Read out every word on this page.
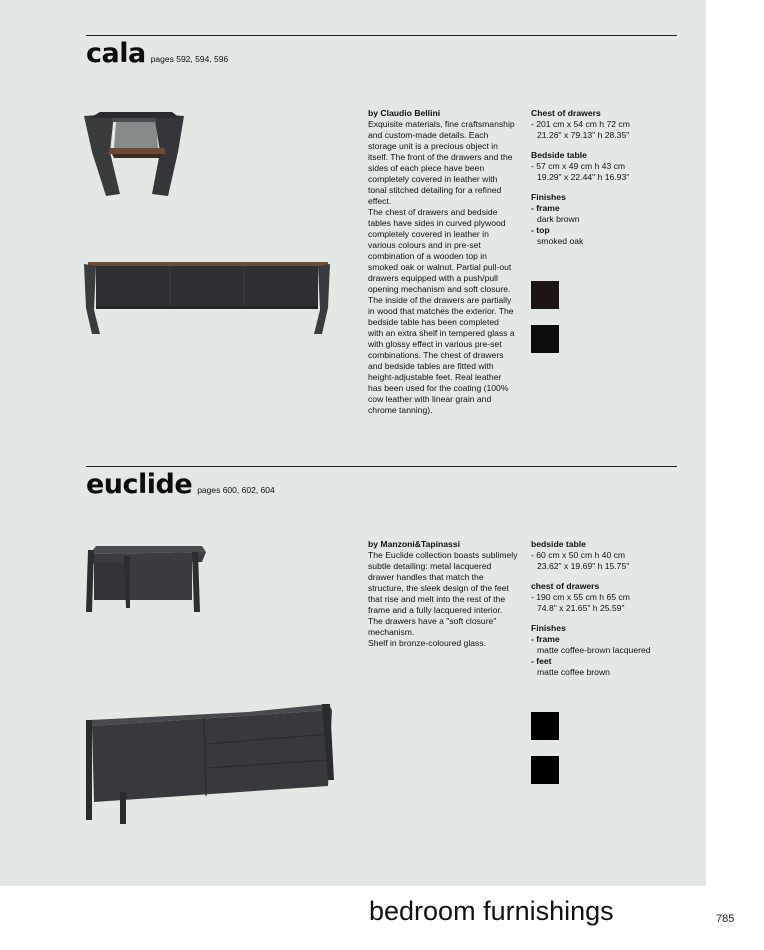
cala pages 592, 594, 596
by Claudio Bellini
Exquisite materials, fine craftsmanship and custom-made details. Each storage unit is a precious object in itself. The front of the drawers and the sides of each piece have been completely covered in leather with tonal stitched detailing for a refined effect.
The chest of drawers and bedside tables have sides in curved plywood completely covered in leather in various colours and in pre-set combination of a wooden top in smoked oak or walnut. Partial pull-out drawers equipped with a push/pull opening mechanism and soft closure. The inside of the drawers are partially in wood that matches the exterior. The bedside table has been completed with an extra shelf in tempered glass a with glossy effect in various pre-set combinations. The chest of drawers and bedside tables are fitted with height-adjustable feet. Real leather has been used for the coating (100% cow leather with linear grain and chrome tanning).
Chest of drawers
- 201 cm x 54 cm h 72 cm
21.26" x 79.13" h 28.35"
Bedside table
- 57 cm x 49 cm h 43 cm
19.29" x 22.44" h 16.93"
Finishes
- frame
dark brown
- top
smoked oak
euclide pages 600, 602, 604
by Manzoni&Tapinassi
The Euclide collection boasts sublimely subtle detailing: metal lacquered drawer handles that match the structure, the sleek design of the feet that rise and melt into the rest of the frame and a fully lacquered interior. The drawers have a "soft closure" mechanism.
Shelf in bronze-coloured glass.
bedside table
- 60 cm x 50 cm h 40 cm
23.62" x 19.69" h 15.75"
chest of drawers
- 190 cm x 55 cm h 65 cm
74.8" x 21.65" h 25.59"
Finishes
- frame
matte coffee-brown lacquered
- feet
matte coffee brown
bedroom furnishings	785
